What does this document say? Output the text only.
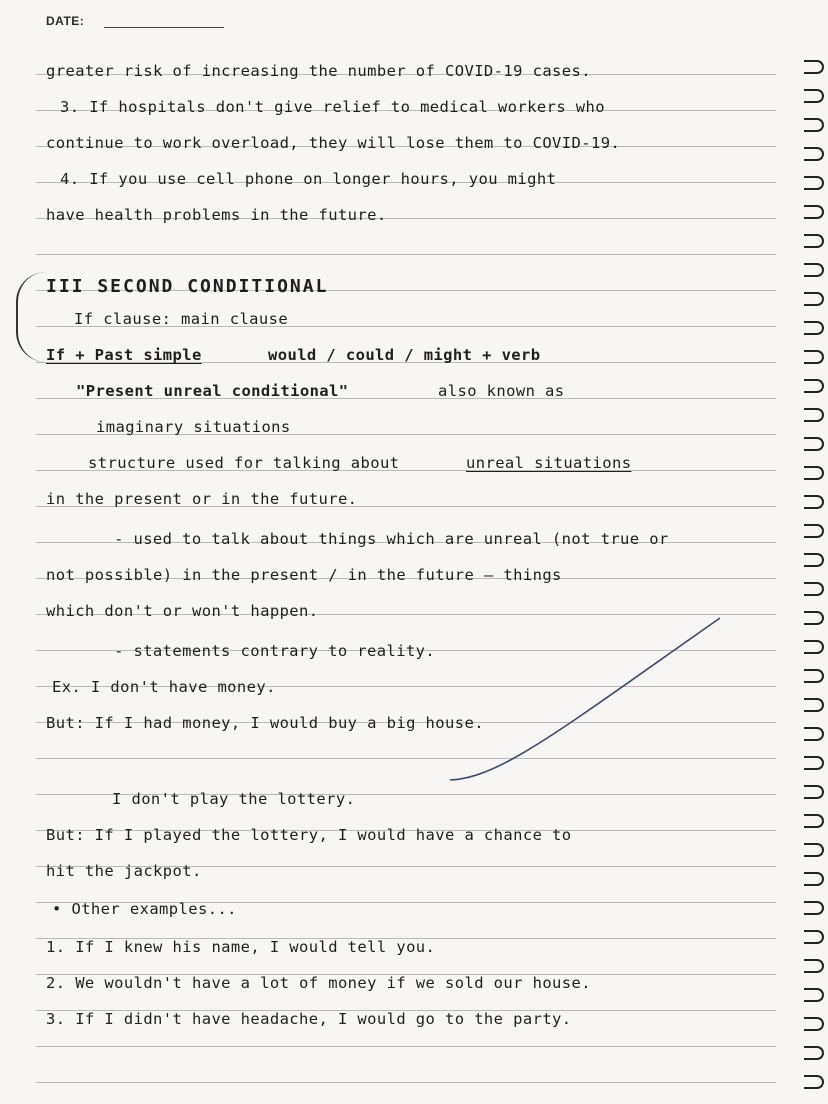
DATE:
greater risk of increasing the number of COVID-19 cases.
3. If hospitals don't give relief to medical workers who
continue to work overload, they will lose them to COVID-19.
4. If you use cell phone on longer hours, you might
have health problems in the future.
III SECOND CONDITIONAL
If clause: main clause
If + Past simple	would / could / might + verb
"Present unreal conditional"	also known as
imaginary situations
structure used for talking about	unreal situations
in the present or in the future.
- used to talk about things which are unreal (not true or
not possible) in the present / in the future — things
which don't or won't happen.
- statements contrary to reality.
Ex. I don't have money.
But: If I had money, I would buy a big house.
I don't play the lottery.
But: If I played the lottery, I would have a chance to
hit the jackpot.
• Other examples...
1. If I knew his name, I would tell you.
2. We wouldn't have a lot of money if we sold our house.
3. If I didn't have headache, I would go to the party.
